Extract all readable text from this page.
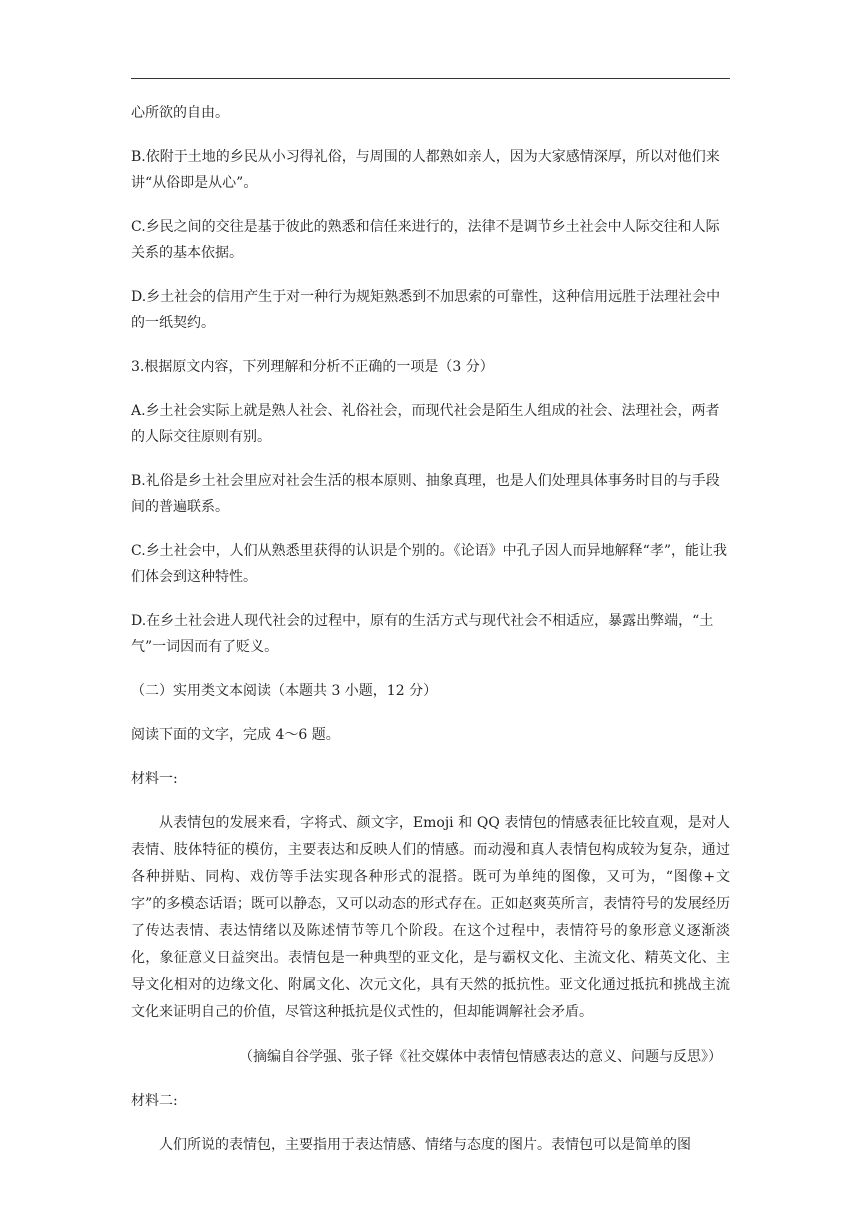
心所欲的自由。

B.依附于土地的乡民从小习得礼俗，与周围的人都熟如亲人，因为大家感情深厚，所以对他们来讲“从俗即是从心”。

C.乡民之间的交往是基于彼此的熟悉和信任来进行的，法律不是调节乡土社会中人际交往和人际关系的基本依据。

D.乡土社会的信用产生于对一种行为规矩熟悉到不加思索的可靠性，这种信用远胜于法理社会中的一纸契约。

3.根据原文内容，下列理解和分析不正确的一项是（3 分）

A.乡土社会实际上就是熟人社会、礼俗社会，而现代社会是陌生人组成的社会、法理社会，两者的人际交往原则有别。

B.礼俗是乡土社会里应对社会生活的根本原则、抽象真理，也是人们处理具体事务时目的与手段间的普遍联系。

C.乡土社会中，人们从熟悉里获得的认识是个别的。《论语》中孔子因人而异地解释“孝”，能让我们体会到这种特性。

D.在乡土社会进人现代社会的过程中，原有的生活方式与现代社会不相适应，暴露出弊端，“土气”一词因而有了贬义。

（二）实用类文本阅读（本题共 3 小题，12 分）

阅读下面的文字，完成 4～6 题。

材料一:

从表情包的发展来看，字将式、颜文字，Emoji 和 QQ 表情包的情感表征比较直观，是对人表情、肢体特征的模仿，主要表达和反映人们的情感。而动漫和真人表情包构成较为复杂，通过各种拼贴、同构、戏仿等手法实现各种形式的混搭。既可为单纯的图像，又可为，“图像+文字”的多模态话语；既可以静态，又可以动态的形式存在。正如赵爽英所言，表情符号的发展经历了传达表情、表达情绪以及陈述情节等几个阶段。在这个过程中，表情符号的象形意义逐渐淡化，象征意义日益突出。表情包是一种典型的亚文化，是与霸权文化、主流文化、精英文化、主导文化相对的边缘文化、附属文化、次元文化，具有天然的抵抗性。亚文化通过抵抗和挑战主流文化来证明自己的价值，尽管这种抵抗是仪式性的，但却能调解社会矛盾。

（摘编自谷学强、张子铎《社交媒体中表情包情感表达的意义、问题与反思》）

材料二:

人们所说的表情包，主要指用于表达情感、情绪与态度的图片。表情包可以是简单的图
